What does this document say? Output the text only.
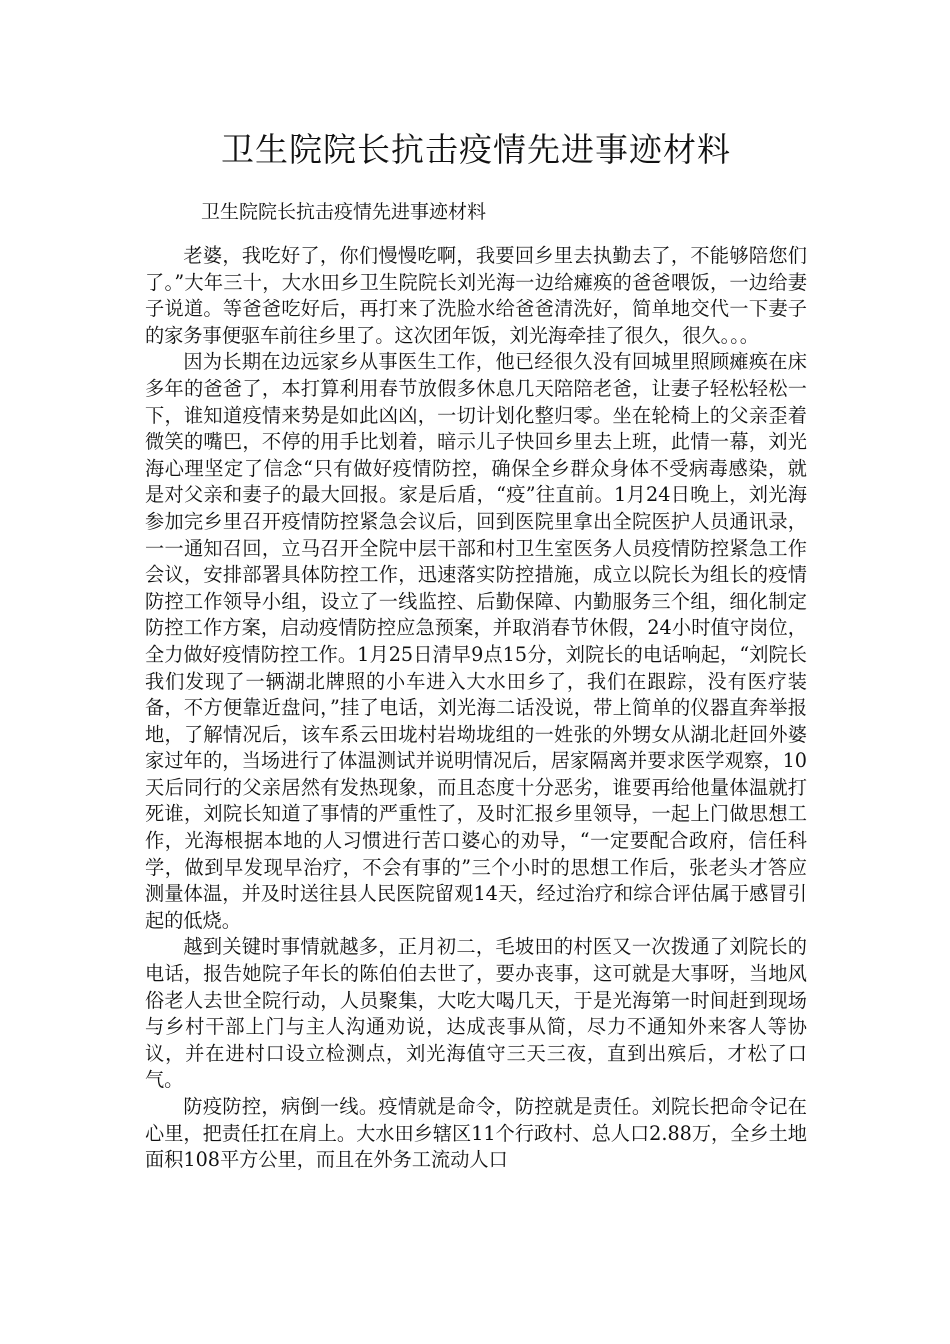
卫生院院长抗击疫情先进事迹材料

卫生院院长抗击疫情先进事迹材料

老婆，我吃好了，你们慢慢吃啊，我要回乡里去执勤去了，不能够陪您们了。”大年三十，大水田乡卫生院院长刘光海一边给瘫痪的爸爸喂饭，一边给妻子说道。等爸爸吃好后，再打来了洗脸水给爸爸清洗好，简单地交代一下妻子的家务事便驱车前往乡里了。这次团年饭，刘光海牵挂了很久，很久。。。

因为长期在边远家乡从事医生工作，他已经很久没有回城里照顾瘫痪在床多年的爸爸了，本打算利用春节放假多休息几天陪陪老爸，让妻子轻松轻松一下，谁知道疫情来势是如此凶凶，一切计划化整归零。坐在轮椅上的父亲歪着微笑的嘴巴，不停的用手比划着，暗示儿子快回乡里去上班，此情一幕，刘光海心理坚定了信念“只有做好疫情防控，确保全乡群众身体不受病毒感染，就是对父亲和妻子的最大回报。家是后盾，“疫”往直前。1月24日晚上，刘光海参加完乡里召开疫情防控紧急会议后，回到医院里拿出全院医护人员通讯录，一一通知召回，立马召开全院中层干部和村卫生室医务人员疫情防控紧急工作会议，安排部署具体防控工作，迅速落实防控措施，成立以院长为组长的疫情防控工作领导小组，设立了一线监控、后勤保障、内勤服务三个组，细化制定防控工作方案，启动疫情防控应急预案，并取消春节休假，24小时值守岗位，全力做好疫情防控工作。1月25日清早9点15分，刘院长的电话响起，“刘院长我们发现了一辆湖北牌照的小车进入大水田乡了，我们在跟踪，没有医疗装备，不方便靠近盘问，”挂了电话，刘光海二话没说，带上简单的仪器直奔举报地，了解情况后，该车系云田垅村岩坳垅组的一姓张的外甥女从湖北赶回外婆家过年的，当场进行了体温测试并说明情况后，居家隔离并要求医学观察，10天后同行的父亲居然有发热现象，而且态度十分恶劣，谁要再给他量体温就打死谁，刘院长知道了事情的严重性了，及时汇报乡里领导，一起上门做思想工作，光海根据本地的人习惯进行苦口婆心的劝导，“一定要配合政府，信任科学，做到早发现早治疗，不会有事的”三个小时的思想工作后，张老头才答应测量体温，并及时送往县人民医院留观14天，经过治疗和综合评估属于感冒引起的低烧。

越到关键时事情就越多，正月初二，毛坡田的村医又一次拨通了刘院长的电话，报告她院子年长的陈伯伯去世了，要办丧事，这可就是大事呀，当地风俗老人去世全院行动，人员聚集，大吃大喝几天，于是光海第一时间赶到现场与乡村干部上门与主人沟通劝说，达成丧事从简，尽力不通知外来客人等协议，并在进村口设立检测点，刘光海值守三天三夜，直到出殡后，才松了口气。

防疫防控，病倒一线。疫情就是命令，防控就是责任。刘院长把命令记在心里，把责任扛在肩上。大水田乡辖区11个行政村、总人口2.88万，全乡土地面积108平方公里，而且在外务工流动人口
